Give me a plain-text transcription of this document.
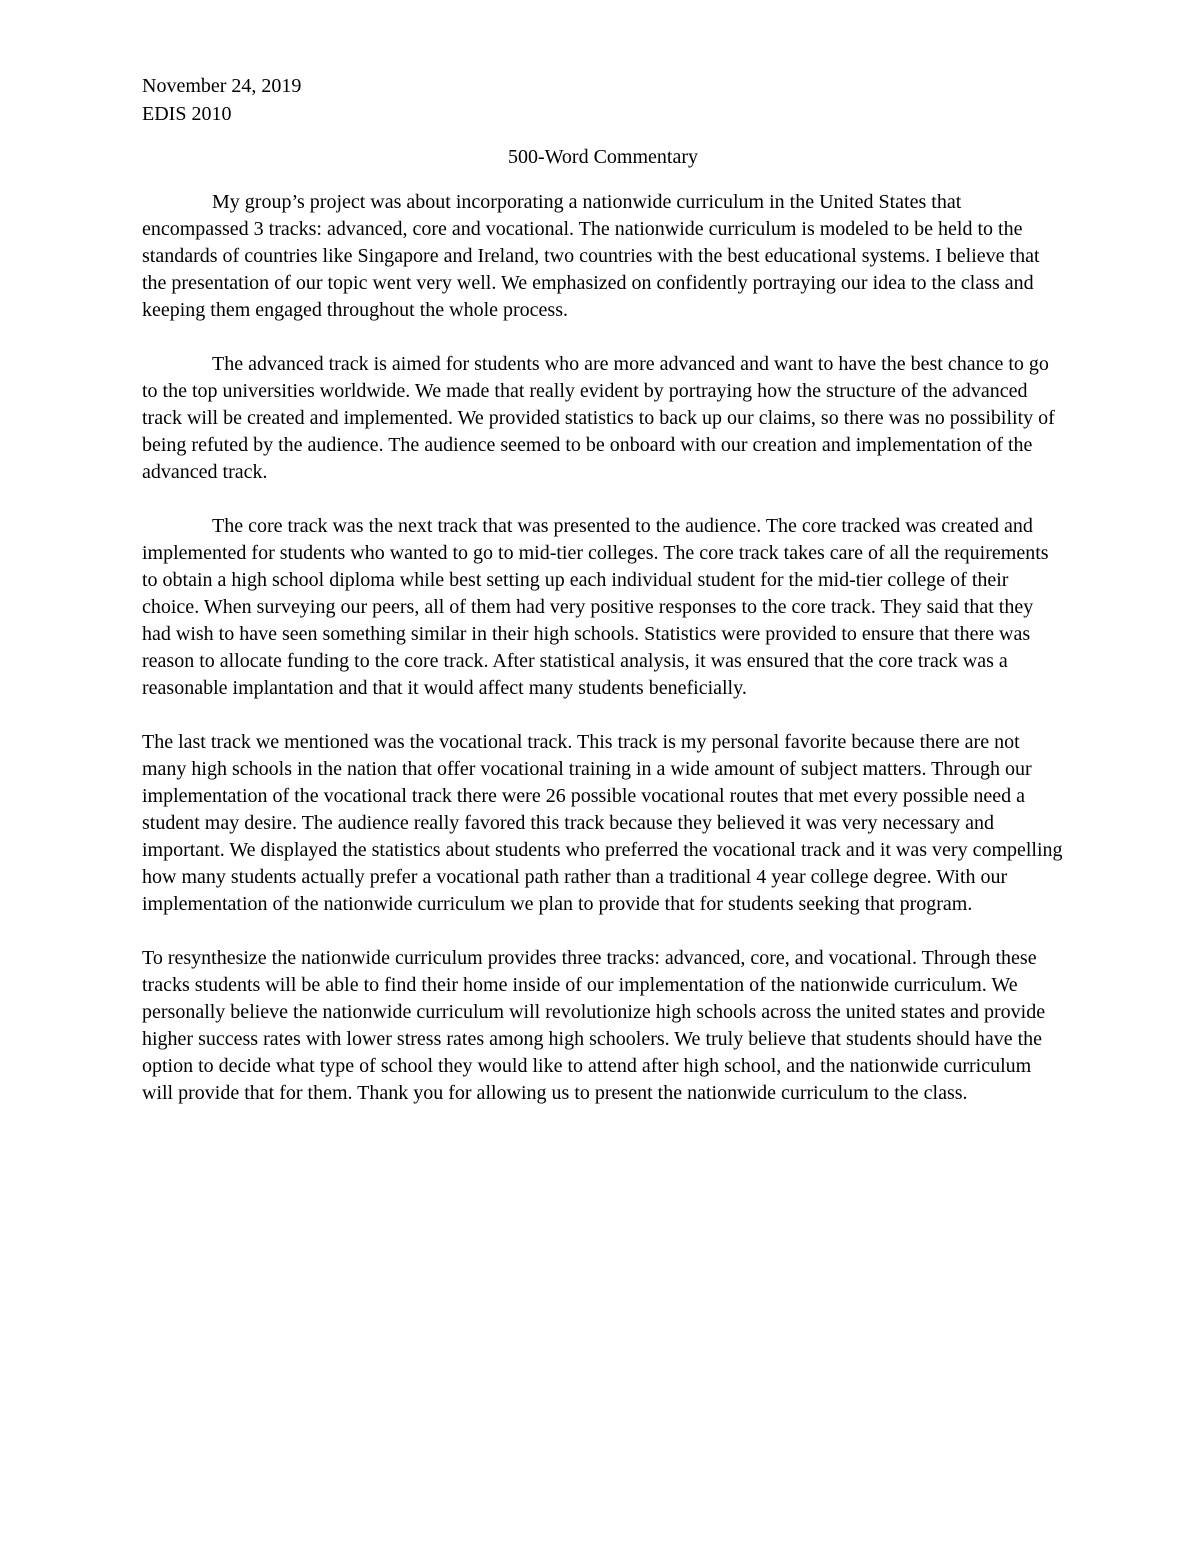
November 24, 2019

EDIS 2010

500-Word Commentary

My group’s project was about incorporating a nationwide curriculum in the United States that encompassed 3 tracks: advanced, core and vocational. The nationwide curriculum is modeled to be held to the standards of countries like Singapore and Ireland, two countries with the best educational systems. I believe that the presentation of our topic went very well. We emphasized on confidently portraying our idea to the class and keeping them engaged throughout the whole process.

The advanced track is aimed for students who are more advanced and want to have the best chance to go to the top universities worldwide. We made that really evident by portraying how the structure of the advanced track will be created and implemented. We provided statistics to back up our claims, so there was no possibility of being refuted by the audience. The audience seemed to be onboard with our creation and implementation of the advanced track.

The core track was the next track that was presented to the audience. The core tracked was created and implemented for students who wanted to go to mid-tier colleges. The core track takes care of all the requirements to obtain a high school diploma while best setting up each individual student for the mid-tier college of their choice. When surveying our peers, all of them had very positive responses to the core track. They said that they had wish to have seen something similar in their high schools. Statistics were provided to ensure that there was reason to allocate funding to the core track. After statistical analysis, it was ensured that the core track was a reasonable implantation and that it would affect many students beneficially.

The last track we mentioned was the vocational track. This track is my personal favorite because there are not many high schools in the nation that offer vocational training in a wide amount of subject matters. Through our implementation of the vocational track there were 26 possible vocational routes that met every possible need a student may desire. The audience really favored this track because they believed it was very necessary and important. We displayed the statistics about students who preferred the vocational track and it was very compelling how many students actually prefer a vocational path rather than a traditional 4 year college degree. With our implementation of the nationwide curriculum we plan to provide that for students seeking that program.

To resynthesize the nationwide curriculum provides three tracks: advanced, core, and vocational. Through these tracks students will be able to find their home inside of our implementation of the nationwide curriculum. We personally believe the nationwide curriculum will revolutionize high schools across the united states and provide higher success rates with lower stress rates among high schoolers. We truly believe that students should have the option to decide what type of school they would like to attend after high school, and the nationwide curriculum will provide that for them. Thank you for allowing us to present the nationwide curriculum to the class.
